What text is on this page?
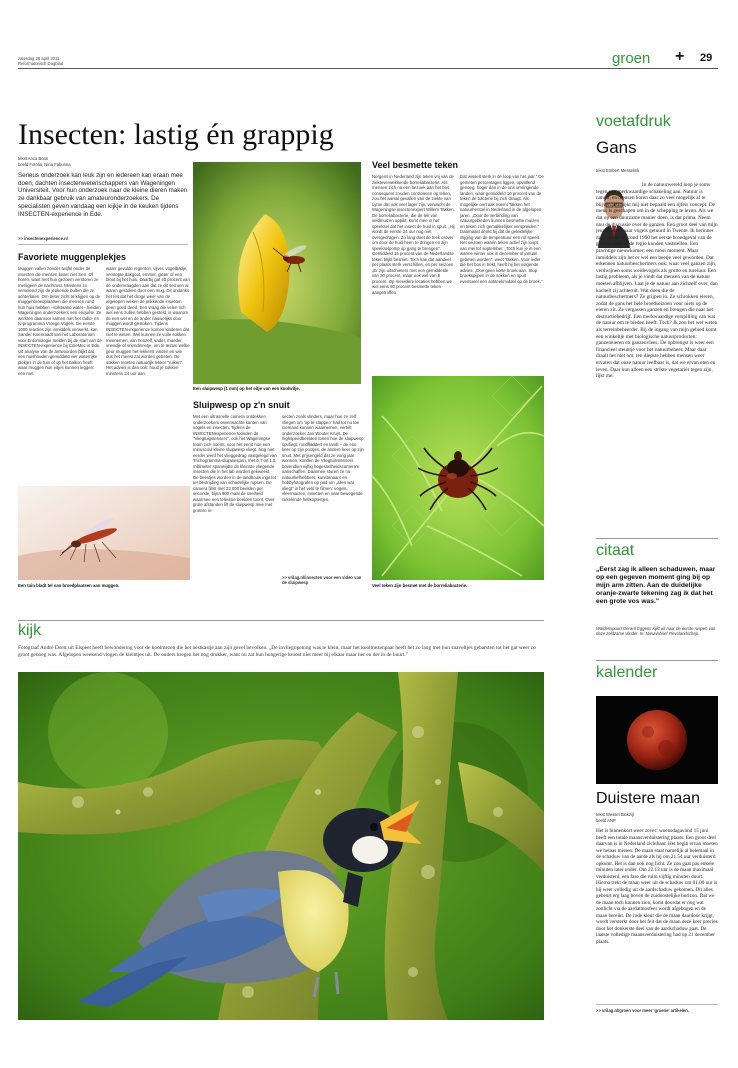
zaterdag 28 april 2011
Reformatorisch Dagblad	groen + 29
Insecten: lastig én grappig
tekst Anca Boon
beeld Fotolia, Nina Fabunna
Serieus onderzoek kan leuk zijn en iedereen kan eraan mee doen, dachten insectenwetenschappers van Wageningen Universiteit. Voor hun onderzoek naar de kleine dieren maken ze dankbaar gebruik van amateuronderzoekers. De specialisten geven vandaag een kijkje in de keuken tijdens INSECTEN-experience in Ede.
>> insectenexperience.nl
Favoriete muggenplekjes
Muggen vallen zonder twijfel onder de insecten die mensen liever niet zien. Of horen, want met hun gezoem verstoren ze menigeen de nachtrust. Minstens zo vervelend zijn de jeukende bulten die ze achterlaten. Om beter zicht te krijgen op de muggenbroedplaatsen die mensen rond hun huis hebben –stilstaand water– hielden Wageningse onderzoekers een enquête. Ze werkten daarvoor samen met het radio- en tv-programma Vroege Vogels. De eerste 1000 reacties zijn inmiddels verwerkt, kan Sander Koenraadt van het Laboratorium voor Entomologie melden bij de start van de INSECTEN-experience bij CineMec in Ede. Uit analyse van de antwoorden blijkt dat een huishouden gemiddeld vier waterrijke plekjes in de tuin of op het balkon heeft waar muggen hun eitjes kunnen leggen: een met
water gevulde regenton, vijver, vogelbadje, verstopte dakgoot, emmer, gieter of een bloot bij het huis. Daarbij gaf 40 procent van de ondervraagden aan dat ze dit seizoen al waren gestoken door een mug. Dit ondanks het feit dat het droge weer van de afgelopen weken de prikkende insecten geen goed deed. Een vraag die velen rich wel eens zullen hebben gesteld, is waarom de een wel en de ander nauwelijks door muggen wordt gestoken. Tijdens INSECTEN-experience komen kinderen dat niet te weten. Wel kunnen ze vuile sokken meenemen, van henzelf, vader, moeder, vriendje of vriendinnetje, om te testen welke geur muggen het lekkerst vinden en wie dus het meest zal worden gebeten. De sokken moeten natuurlijk lekker "ruiken". Het advies is dan ook: houd je sokken minstens 24 uur aan.
Een tuin bladt tel van broedplaatsen aan muggen.
Een sluipwesp (1 mm) op het eitje van een koolwitje.
Sluipwesp op z'n snuit
Met een ultrasnelle camera ontdekken onderzoekers onverwachte kanten van vogels en insecten. Tijdens de INSECTENexperience toonden de "Vliegtuigstensers", ook het Wageningse team zich noemt, voor het eerst hoe een minuscuul kleine sluipwesp vliegt. Nog niet eerder werd het vlieggedrag vastgelegd van Trichogramma-sluipwespen, met 0,7 tot 1,5 millimeter spanwijdte de kleinste vliegende insecten die in het lab worden gekweekt. De beestjes worden in de landbouw ingezet ter bestrijding van schadelijke rupsen. De camera filmt met 22.000 beelden per seconde, bijna 900 maal de snelheid waarmee een televisie beelden toont. Over grote afstanden lift de sluipwesp mee met grotere in-
secten zoals vlinders, maar hoe ze zelf vliegen om 'op te stappen' had tot nu toe niemand kunnen waarnemen, vertelt onderzoeker Jan Wouter Kruyt. De highspeedbeelden tonen hoe de sluipwesp opvliegt, rondfladdert en landt – de ene keer op zijn pootjes, de andere keer op zijn snuit. Met prijsengeld dat ze vorig jaar wonnen, konden de Vliegtuinstensers bovendien vijftig hogesnelheidscamera's aanschaffen. Daarmee sturen ze nu natuurliefhebbers, kunstenaars en hobbyfotografen op pad om „alles wat vliegt" in het veld te filmen: vogels, vleermuizen, insecten en naar bewegende cirkelende helikoptertjes.
>> vrilag.nl/insecten voor een video van de sluipwesp
Veel besmette teken
Nergens in Nederland zijn teken vrij van de ziekteverwekkende borreliabacterie. Als mensen zich na een bezoek aan het bos consequent zouden controleren op teken, zou het aantal gevallen van de ziekte van Lyme dat ook veel lager zijn, verwacht de Wageningse insectenexpert Willem Takken. De borreliabacterie, die de tek van veldmuizen oppikt, komt mee in het speeksel dat het insect de huid in spuit. „Hij wordt de eerste 24 uur nog niet overgedragen. Zo lang doet de teek erover om door de huid heen te dringen en zijn speekselpomp op gang te brengen". Gemiddeld 15 procent van de Nederlandse teken blijkt besmet. Toch kan dat aandeel per plaats sterk verschillen, en per seizoen. „Er zijn uitschieters met een gemiddelde van 30 procent, maar ook wel van 8 procent. Op meerdere locaties hebben we wel eens 60 procent besmette teken aangetroffen.
Dat wisselt sterk in de loop van het jaar." De gemeten percentages liggen, opvallend genoeg, hoger dan in de ons omringende landen, waar gemiddeld 10 procent van de teken de bacterie bij zich draagt. Als mogelijke oorzaak noemt Takken het natuurherstel in Nederland in de afgelopen jaren. „Door de verbinding van natuurgebieden kunnen besmette muizen en teken zich gemakkelijker verspreiden." Daarnaast denkt hij dat de geleidelijke stijging van de temperatuur een rol speelt. Het seizoen waarin teken actief zijn loopt van mei tot september. „Toch kun je in een warme winter ook in december of januari gebeten worden", weet Takken. Voor ieder die het bos in trekt, heeft hij het volgende advies: „Doe geen korte broek aan. Stop broekspijpen in de sokken en spuit eventueel een antiteekmiddel op de broek."
Veel teken zijn besmet met de borreliabacterie.
kijk
Fotograaf André Dorst uit Elspeet heeft bewondering voor de koolmezen die het nestkastje aan zijn gevel bevolken. „De invliegopening was te klein, maar het koolmezenpaar heeft het zo lang met hun snaveltjes gebarsten tot het gat weer zo groot genoeg was. Afgelopen weekend vlogen de kleintjes uit. De ouders kregen het nog drukker, want nu zat hun hongerige kroost niet meer bij elkaar maar her en der in de buurt."
voetafdruk
Gans
tekst Embert Messelink
In de natuurwereld loop je soms tegen een merkwaardige schakeling aan. Natuur is natuur, en mensen horen daar zo veel mogelijk af te blijven. Dat lijkt mij niet bepaald een lijfeis concept. De mens is geschapen om in de schepping te leven. Als we dat op een duurzame manier doen, is dat prima. Neem nou de discussie over de ganzen. Een groot deel van mijn jeugd heb ik naar vogels getuurd in Twente. Ik herinner me nog dat we rond 1990 het eerste broedgeval van de grauwe gans in de regio konden vaststellen. Een prachtige nieuwkomer; een mooi moment. Maar inmiddels zijn het er wel een beetje veel geworden. Dat erkennen natuurbeschermers ook: waar veel ganzen zijn, verdwijnen soms weidevogels als grutto en tureluur. Een lastig probleem, als je vindt dat mensen van de natuur moeten afblijven. Laat je de natuur aan zichzelf over, dan kachelt zij achteruit. Wat doen die de natuurbeschermers? Ze grijpen in. Ze schrokken eieren, zodat de gans het hele broedseizoen voor niets op de eieren zit. Ze vergassen ganzen en brengen die naar het destructiebedrijf. Een merkwaardige verspilling van wat de natuur om te bieden heeft. Toch? Ik zou het wel weten als terreinbeheerder. Bij de ingang van mijn gebied komt een winkeltje met biologische natuurproducten: ganzeneieren en ganzenvlees. De opbrengst is weer een financieel steuntje voor het natuurbeheer. Maar daar draait het niet om: ten diepste hebben mensen weer ervaren dat onze natuur leefbaar is, dat we ervan eten en leven. Daar kun alleen een strikte vegetariër tegen zijn, lijkt me.
citaat
„Eerst zag ik alleen schaduwen, maar op een gegeven moment ging bij op mijn arm zitten. Aan de duidelijke oranje-zwarte tekening zag ik dat het een grote vos was."
Waldenspoort Gerard Eggens kijkt uit naar de eerste ruspen van deze zeldzame vlinder. In: Nieuwsbrief Flevolandschap.
kalender
Duistere maan
tekst Wessel Blokzijl
beeld ANP
Het is binnenkort weer zover: woensdagavond 15 juni heeft een totale maansverduistering plaats. Een groot deel daarvan is in Nederland zichtbaar. Het begin ervan moeten we helaas missen. De maan staat namelijk al helemaal in de schaduw van de aarde als hij om 21.54 uur verduisterd opkomt. Het is dan ook nog licht. Ze zon gaat pas enkele minuten later onder. Om 22.13 uur is de maan maximaal verduisterd, een fase die ruim vijftig minuten duurt. Hierna trekt de maan weer uit de schaduw om 01.00 uur is hij weer volledig uit de aardschaduw gekomen. Dit alles gebeurt erg laag boven de zuidoostelijke horizon. Dat we de maan toch kunnen zien, komt doordat er nog wat zonlicht via de aardatmosfeer wordt afgebogen en de maan bereikt. De rode kleur die de maan daardoor krijgt, wordt versterkt door het feit dat de maan deze keer precies door het donkerste deel van de aardschaduw gaat. De laatste volledige maansverduistering had op 21 december plaats.
>> vrilag.nl/groen voor meer 'groene' artikelen.
